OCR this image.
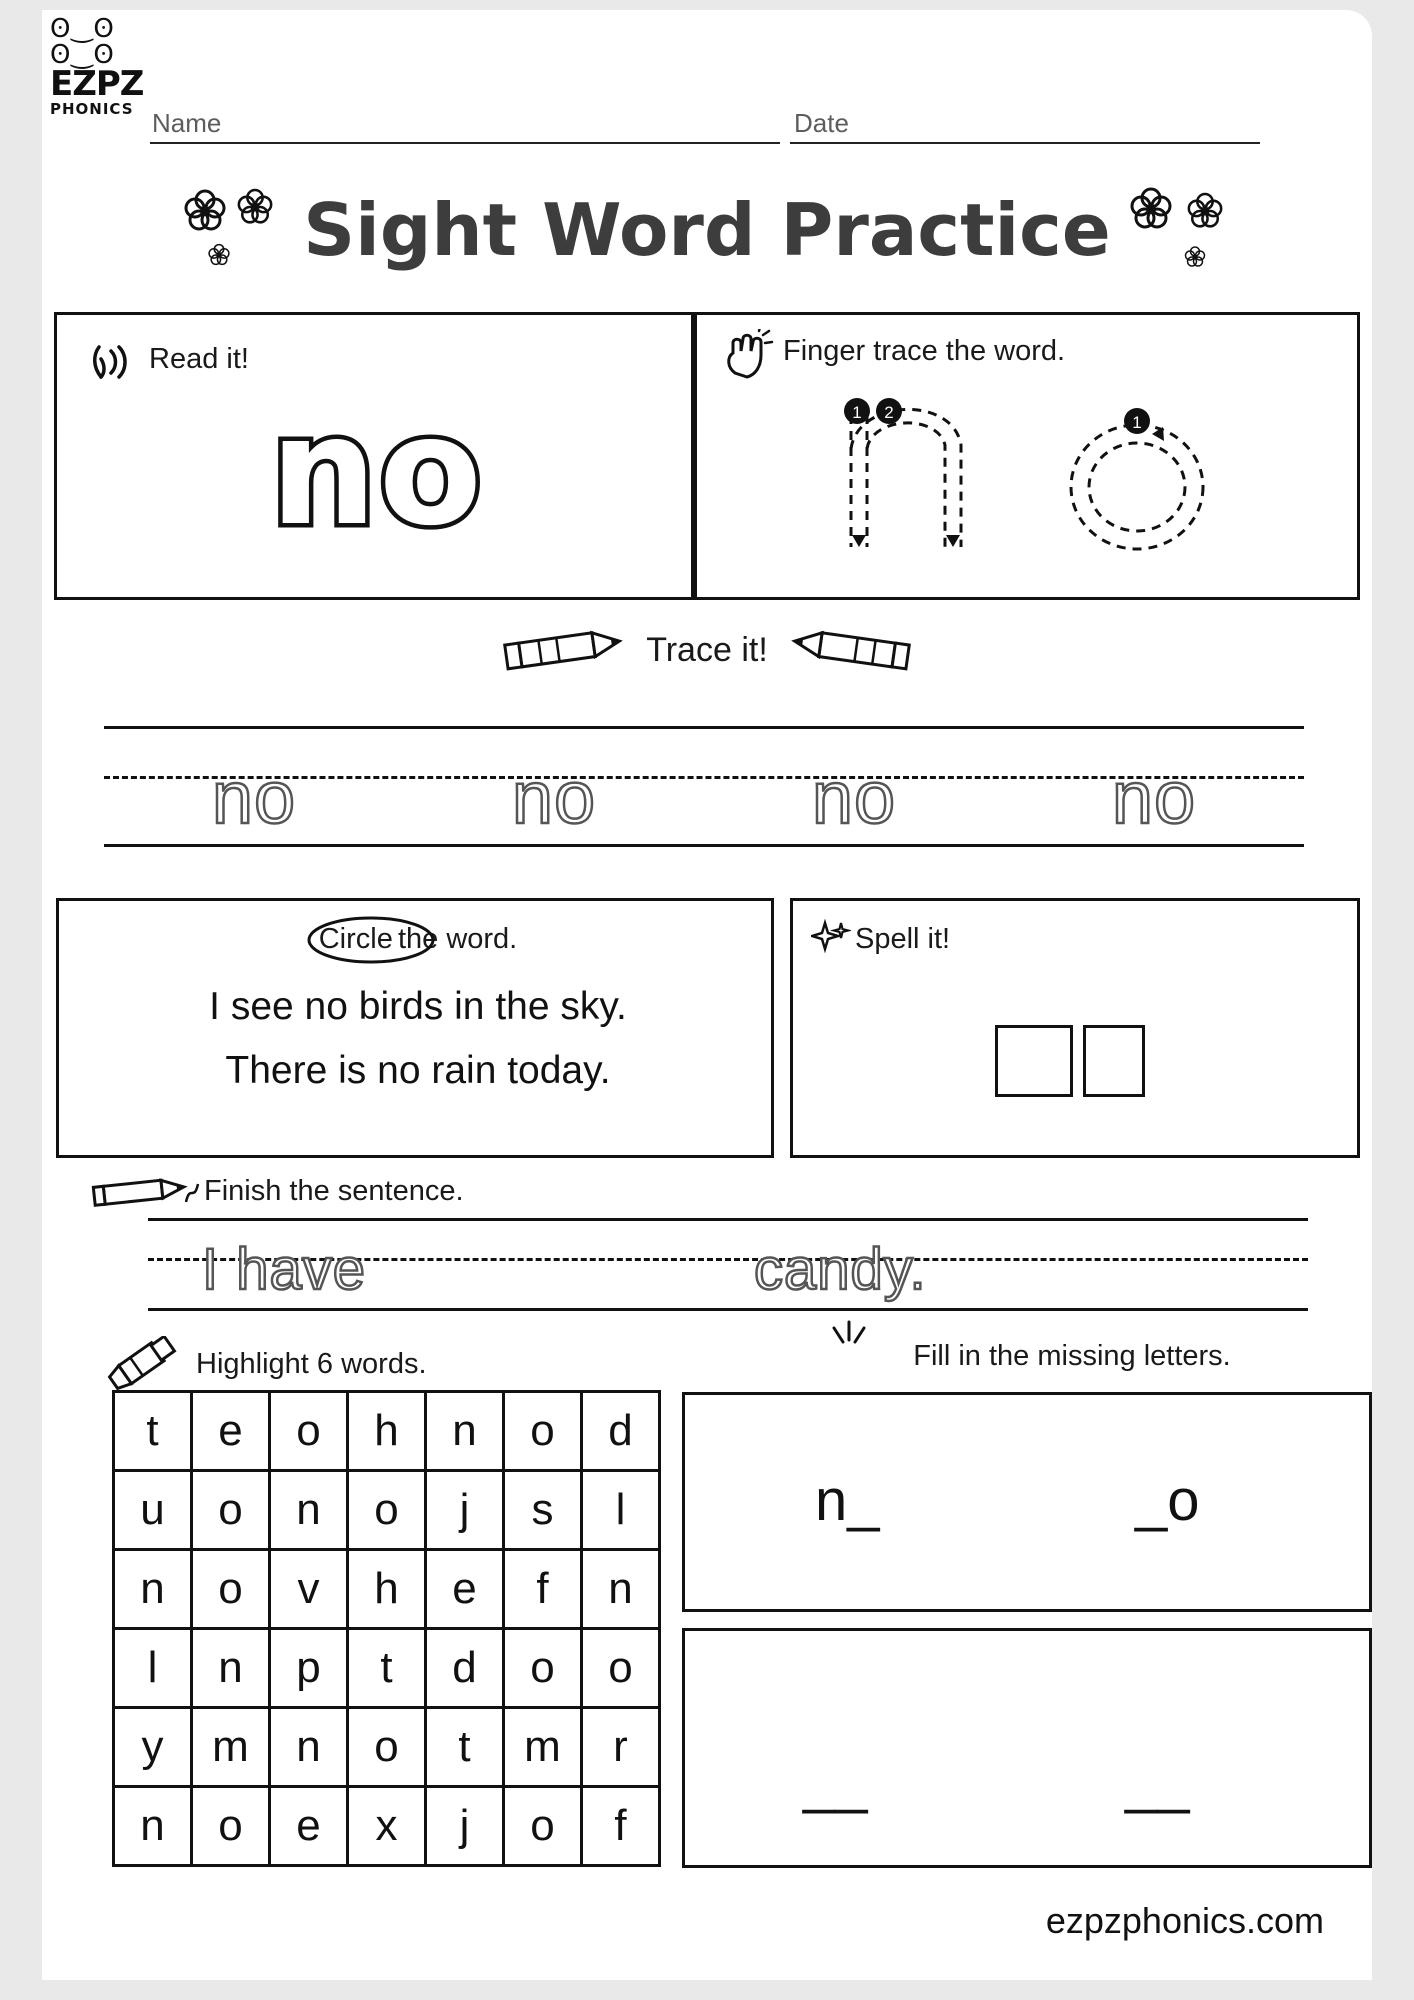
ʘ‿ʘ ʘ‿ʘ
EZPZ
PHONICS Name	Date
Sight Word Practice
Read it!
no
Finger trace the word.
1 2
1
Trace it!
no	no	no	no
Circle the word.
I see no birds in the sky.
There is no rain today.
Spell it!
Finish the sentence.
I have	candy.
Highlight 6 words.	Fill in the missing letters.
t	e	o	h	n	o	d
u	o	n	o	j	s	l
n	o	v	h	e	f	n
l	n	p	t	d	o	o
y	m	n	o	t	m	r
n	o	e	x	j	o	f
n_	_o
__	__
ezpzphonics.com
